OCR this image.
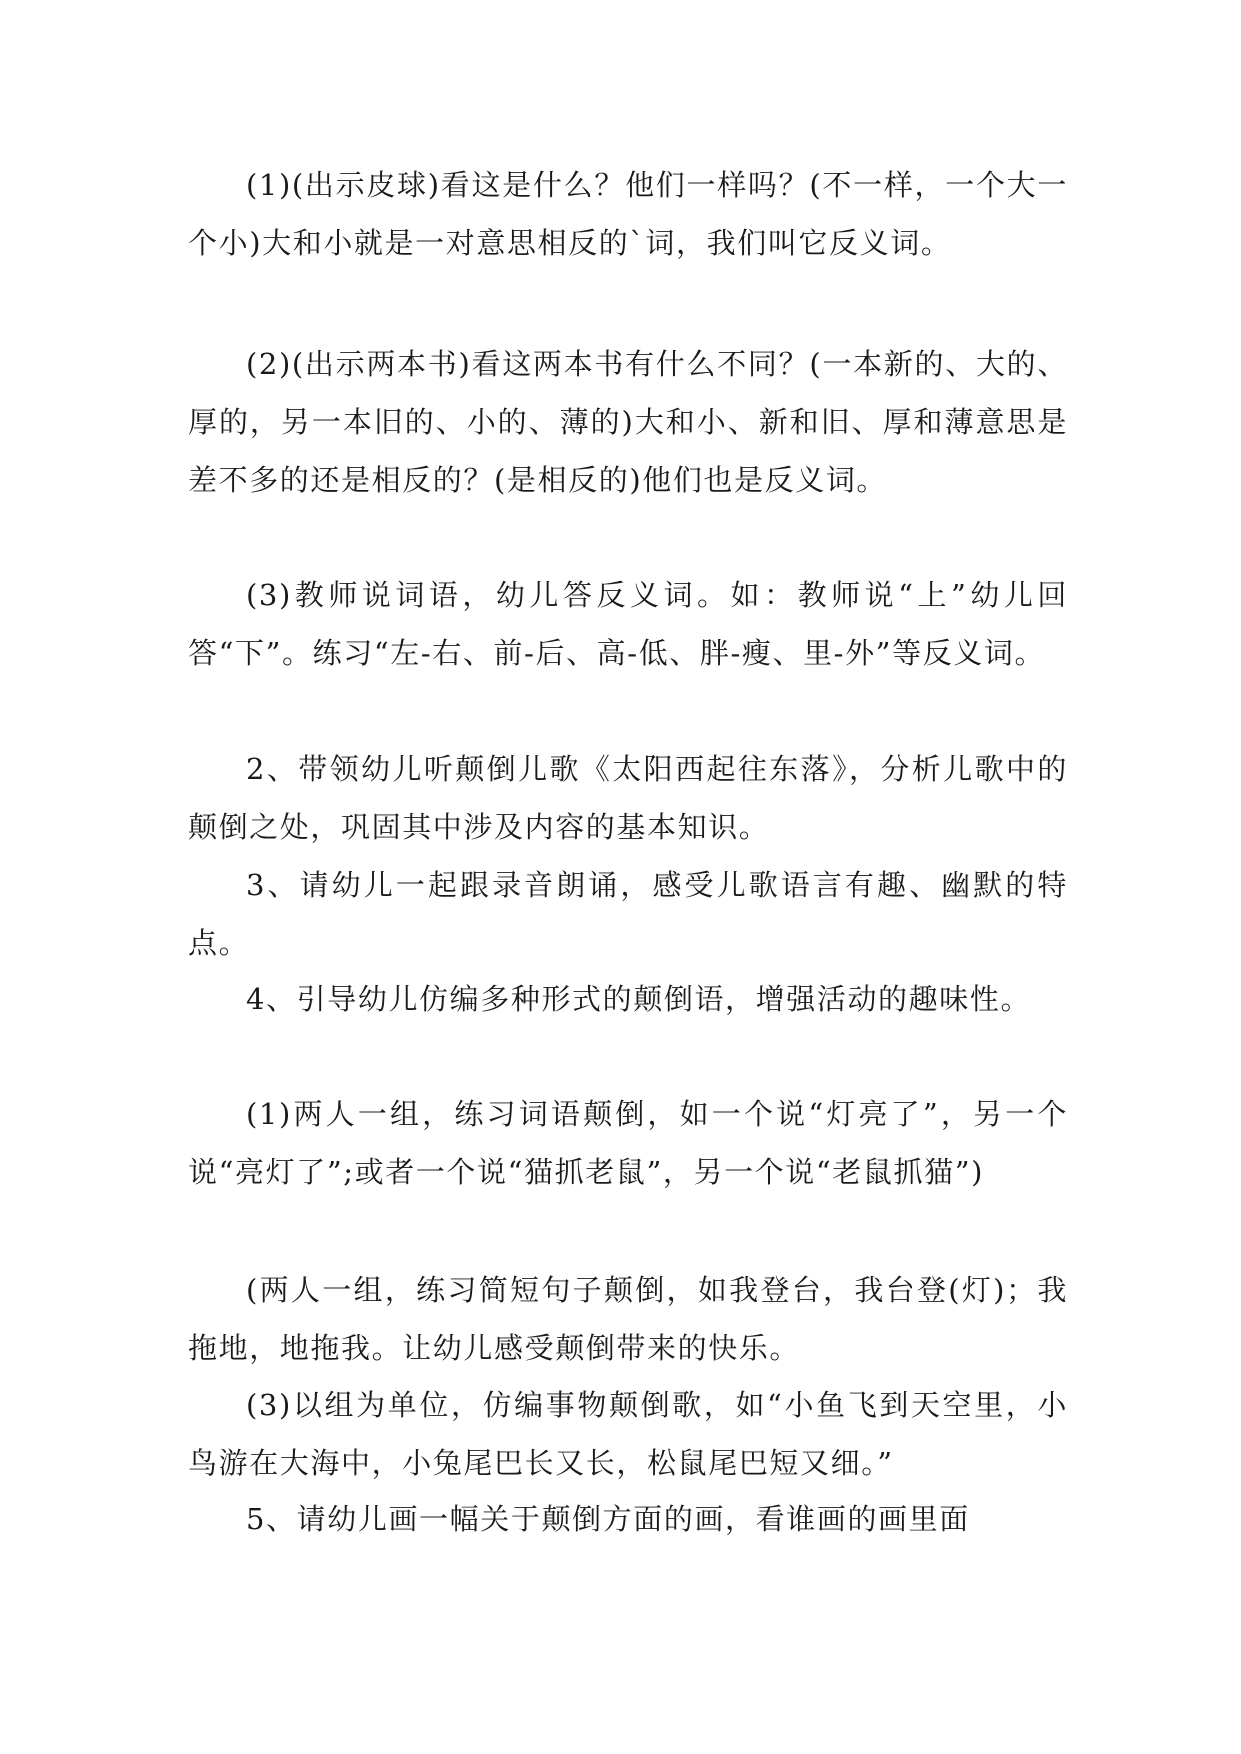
(1)(出示皮球)看这是什么？他们一样吗？(不一样，一个大一个小)大和小就是一对意思相反的`词，我们叫它反义词。

(2)(出示两本书)看这两本书有什么不同？(一本新的、大的、厚的，另一本旧的、小的、薄的)大和小、新和旧、厚和薄意思是差不多的还是相反的？(是相反的)他们也是反义词。

(3)教师说词语，幼儿答反义词。如：教师说“上”幼儿回答“下”。练习“左-右、前-后、高-低、胖-瘦、里-外”等反义词。

2、带领幼儿听颠倒儿歌《太阳西起往东落》，分析儿歌中的颠倒之处，巩固其中涉及内容的基本知识。

3、请幼儿一起跟录音朗诵，感受儿歌语言有趣、幽默的特点。

4、引导幼儿仿编多种形式的颠倒语，增强活动的趣味性。

(1)两人一组，练习词语颠倒，如一个说“灯亮了”，另一个说“亮灯了”;或者一个说“猫抓老鼠”，另一个说“老鼠抓猫”)

(两人一组，练习简短句子颠倒，如我登台，我台登(灯)；我拖地，地拖我。让幼儿感受颠倒带来的快乐。

(3)以组为单位，仿编事物颠倒歌，如“小鱼飞到天空里，小鸟游在大海中，小兔尾巴长又长，松鼠尾巴短又细。”

5、请幼儿画一幅关于颠倒方面的画，看谁画的画里面
